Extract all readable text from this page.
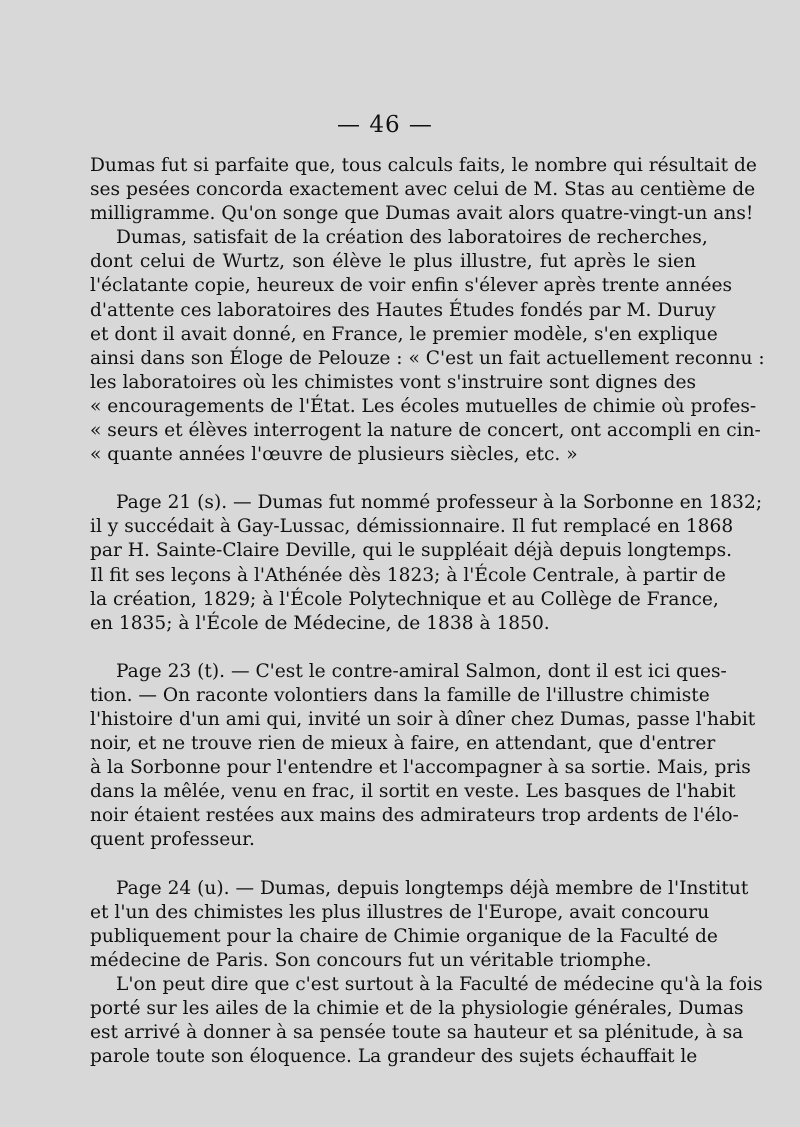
— 46 —
Dumas fut si parfaite que, tous calculs faits, le nombre qui résultait de
ses pesées concorda exactement avec celui de M. Stas au centième de
milligramme. Qu'on songe que Dumas avait alors quatre-vingt-un ans!
Dumas, satisfait de la création des laboratoires de recherches,
dont celui de Wurtz, son élève le plus illustre, fut après le sien
l'éclatante copie, heureux de voir enfin s'élever après trente années
d'attente ces laboratoires des Hautes Études fondés par M. Duruy
et dont il avait donné, en France, le premier modèle, s'en explique
ainsi dans son Éloge de Pelouze : « C'est un fait actuellement reconnu :
les laboratoires où les chimistes vont s'instruire sont dignes des
« encouragements de l'État. Les écoles mutuelles de chimie où profes-
« seurs et élèves interrogent la nature de concert, ont accompli en cin-
« quante années l'œuvre de plusieurs siècles, etc. »
Page 21 (s). — Dumas fut nommé professeur à la Sorbonne en 1832;
il y succédait à Gay-Lussac, démissionnaire. Il fut remplacé en 1868
par H. Sainte-Claire Deville, qui le suppléait déjà depuis longtemps.
Il fit ses leçons à l'Athénée dès 1823; à l'École Centrale, à partir de
la création, 1829; à l'École Polytechnique et au Collège de France,
en 1835; à l'École de Médecine, de 1838 à 1850.
Page 23 (t). — C'est le contre-amiral Salmon, dont il est ici ques-
tion. — On raconte volontiers dans la famille de l'illustre chimiste
l'histoire d'un ami qui, invité un soir à dîner chez Dumas, passe l'habit
noir, et ne trouve rien de mieux à faire, en attendant, que d'entrer
à la Sorbonne pour l'entendre et l'accompagner à sa sortie. Mais, pris
dans la mêlée, venu en frac, il sortit en veste. Les basques de l'habit
noir étaient restées aux mains des admirateurs trop ardents de l'élo-
quent professeur.
Page 24 (u). — Dumas, depuis longtemps déjà membre de l'Institut
et l'un des chimistes les plus illustres de l'Europe, avait concouru
publiquement pour la chaire de Chimie organique de la Faculté de
médecine de Paris. Son concours fut un véritable triomphe.
L'on peut dire que c'est surtout à la Faculté de médecine qu'à la fois
porté sur les ailes de la chimie et de la physiologie générales, Dumas
est arrivé à donner à sa pensée toute sa hauteur et sa plénitude, à sa
parole toute son éloquence. La grandeur des sujets échauffait le
